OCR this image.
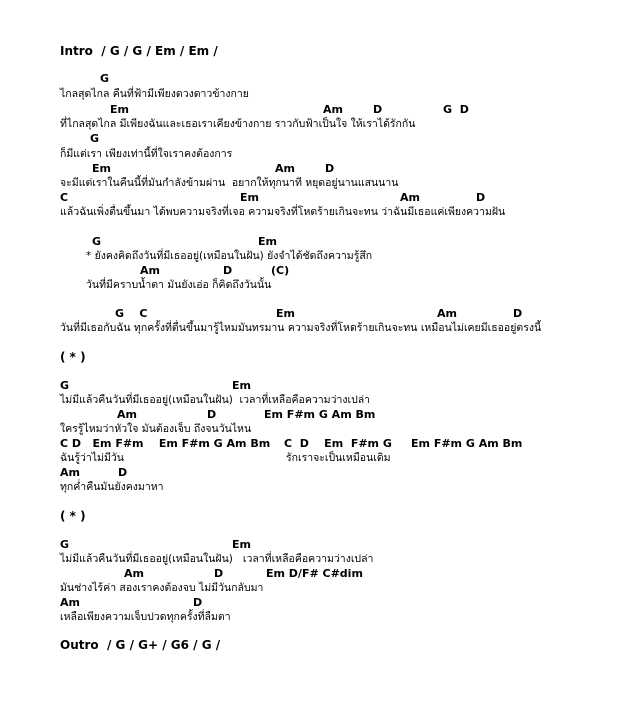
Intro  / G / G / Em / Em /
G
ไกลสุดไกล คืนที่ฟ้ามีเพียงดวงดาวข้างกาย
Em	Am	D	G  D
ที่ไกลสุดไกล มีเพียงฉันและเธอเราเคียงข้างกาย ราวกับฟ้าเป็นใจ ให้เราได้รักกัน
G
ก็มีแต่เรา เพียงเท่านี้ที่ใจเราคงต้องการ
Em	Am	D
จะมีแต่เราในคืนนี้ที่มันกำลังข้ามผ่าน  อยากให้ทุกนาที หยุดอยู่นานแสนนาน
C	Em	Am	D
แล้วฉันเพิ่งตื่นขึ้นมา ได้พบความจริงที่เจอ ความจริงที่โหดร้ายเกินจะทน ว่าฉันมีเธอแค่เพียงความฝัน
G	Em
* ยังคงคิดถึงวันที่มีเธออยู่(เหมือนในฝัน) ยังจำได้ชัดถึงความรู้สึก
Am	D	(C)
วันที่มีคราบน้ำตา มันยังเอ่อ ก็คิดถึงวันนั้น
G    C	Em	Am	D
วันที่มีเธอกับฉัน ทุกครั้งที่ตื่นขึ้นมารู้ไหมมันทรมาน ความจริงที่โหดร้ายเกินจะทน เหมือนไม่เคยมีเธออยู่ตรงนี้
( * )
G	Em
ไม่มีแล้วคืนวันที่มีเธออยู่(เหมือนในฝัน)  เวลาที่เหลือคือความว่างเปล่า
Am	D	Em F#m G Am Bm
ใครรู้ไหมว่าหัวใจ มันต้องเจ็บ ถึงจนวันไหน
C D   Em F#m    Em F#m G Am Bm C  D    Em  F#m G     Em F#m G Am Bm
ฉันรู้ว่าไม่มีวัน	รักเราจะเป็นเหมือนเดิม
Am	D
ทุกค่ำคืนมันยังคงมาหา
( * )
G	Em
ไม่มีแล้วคืนวันที่มีเธออยู่(เหมือนในฝัน)   เวลาที่เหลือคือความว่างเปล่า
Am	D	Em D/F# C#dim
มันช่างไร้ค่า สองเราคงต้องจบ ไม่มีวันกลับมา
Am	D
เหลือเพียงความเจ็บปวดทุกครั้งที่ลืมตา
Outro  / G / G+ / G6 / G /
